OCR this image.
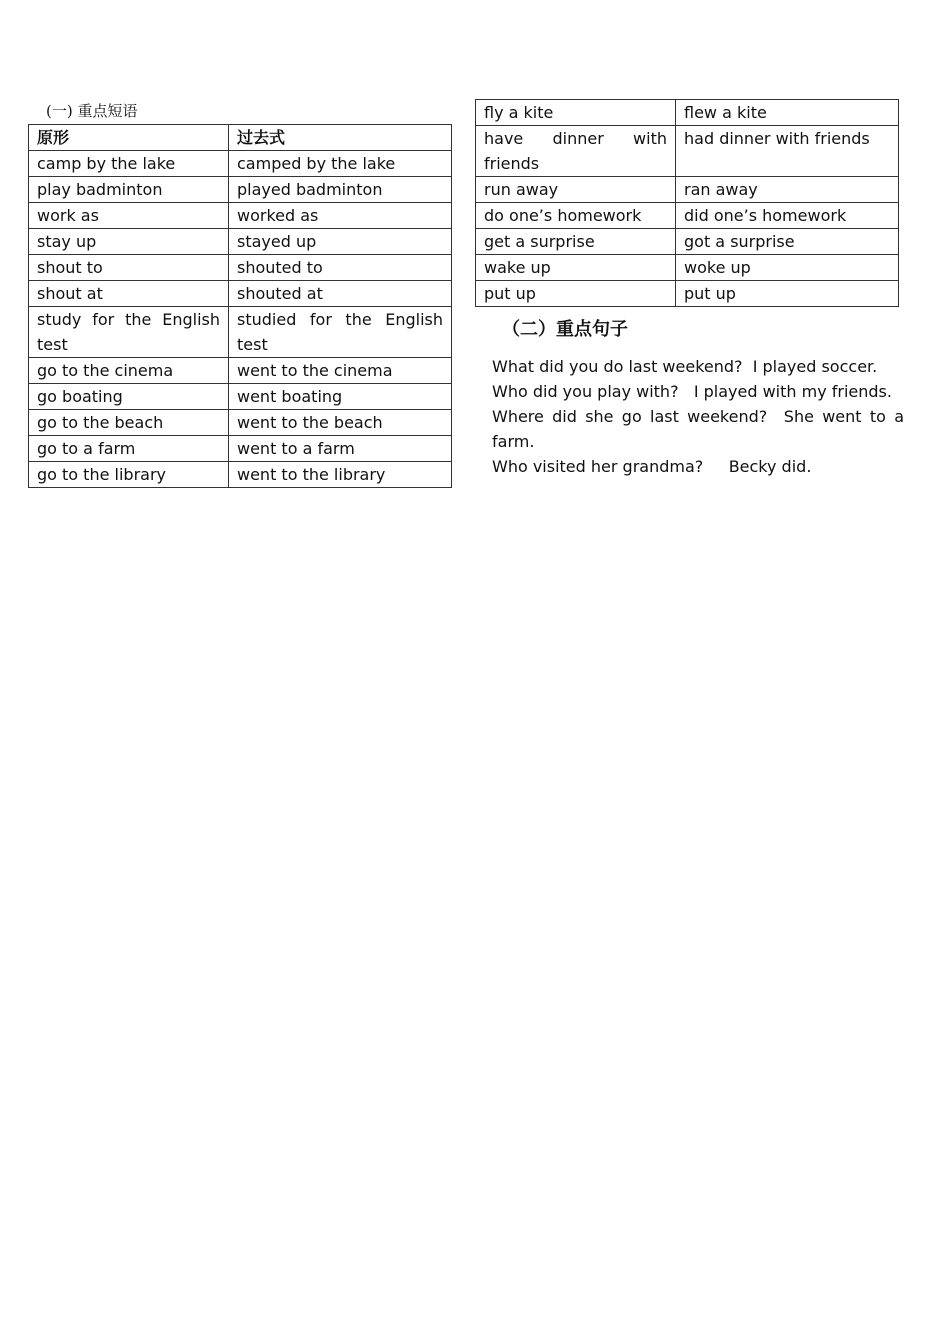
(一) 重点短语
原形	过去式
camp by the lake	camped by the lake
play badminton	played badminton
work as	worked as
stay up	stayed up
shout to	shouted to
shout at	shouted at
study for the English test	studied for the English test
go to the cinema	went to the cinema
go boating	went boating
go to the beach	went to the beach
go to a farm	went to a farm
go to the library	went to the library
fly a kite	flew a kite
have dinner with friends	had dinner with friends
run away	ran away
do one’s homework	did one’s homework
get a surprise	got a surprise
wake up	woke up
put up	put up
（二）重点句子

What did you do last weekend?  I played soccer.

Who did you play with?   I played with my friends.

Where did she go last weekend?  She went to a farm.

Who visited her grandma?     Becky did.
